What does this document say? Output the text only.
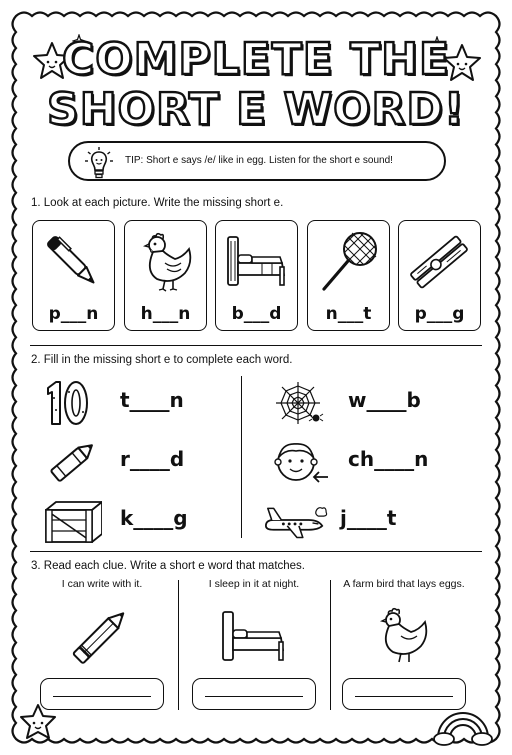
COMPLETE THE
SHORT E WORD!
TIP: Short e says /e/ like in egg. Listen for the short e sound!
1. Look at each picture. Write the missing short e.
p___n	h___n	b___d	n___t	p___g
2. Fill in the missing short e to complete each word.
t____n
r____d
k____g
w____b
ch____n
j____t
3. Read each clue. Write a short e word that matches.
I can write with it.	I sleep in it at night.	A farm bird that lays eggs.
